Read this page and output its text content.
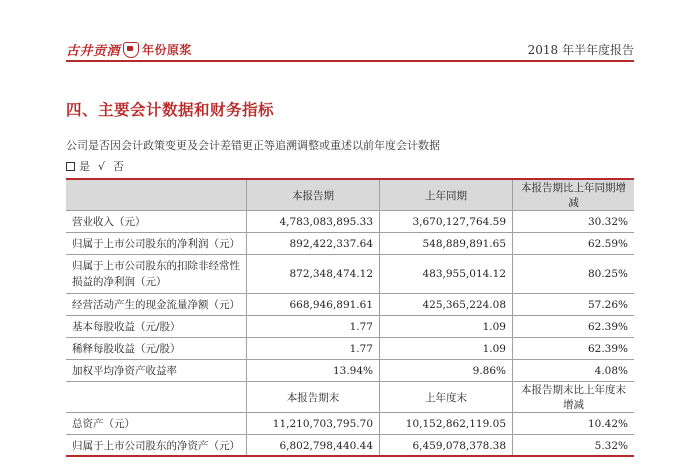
古井贡酒 年份原浆	2018 年半年度报告
四、主要会计数据和财务指标
公司是否因会计政策变更及会计差错更正等追溯调整或重述以前年度会计数据
是 √ 否
	本报告期	上年同期	本报告期比上年同期增减
营业收入（元）	4,783,083,895.33	3,670,127,764.59	30.32%
归属于上市公司股东的净利润（元）	892,422,337.64	548,889,891.65	62.59%
归属于上市公司股东的扣除非经常性损益的净利润（元）	872,348,474.12	483,955,014.12	80.25%
经营活动产生的现金流量净额（元）	668,946,891.61	425,365,224.08	57.26%
基本每股收益（元/股）	1.77	1.09	62.39%
稀释每股收益（元/股）	1.77	1.09	62.39%
加权平均净资产收益率	13.94%	9.86%	4.08%
	本报告期末	上年度末	本报告期末比上年度末增减
总资产（元）	11,210,703,795.70	10,152,862,119.05	10.42%
归属于上市公司股东的净资产（元）	6,802,798,440.44	6,459,078,378.38	5.32%
